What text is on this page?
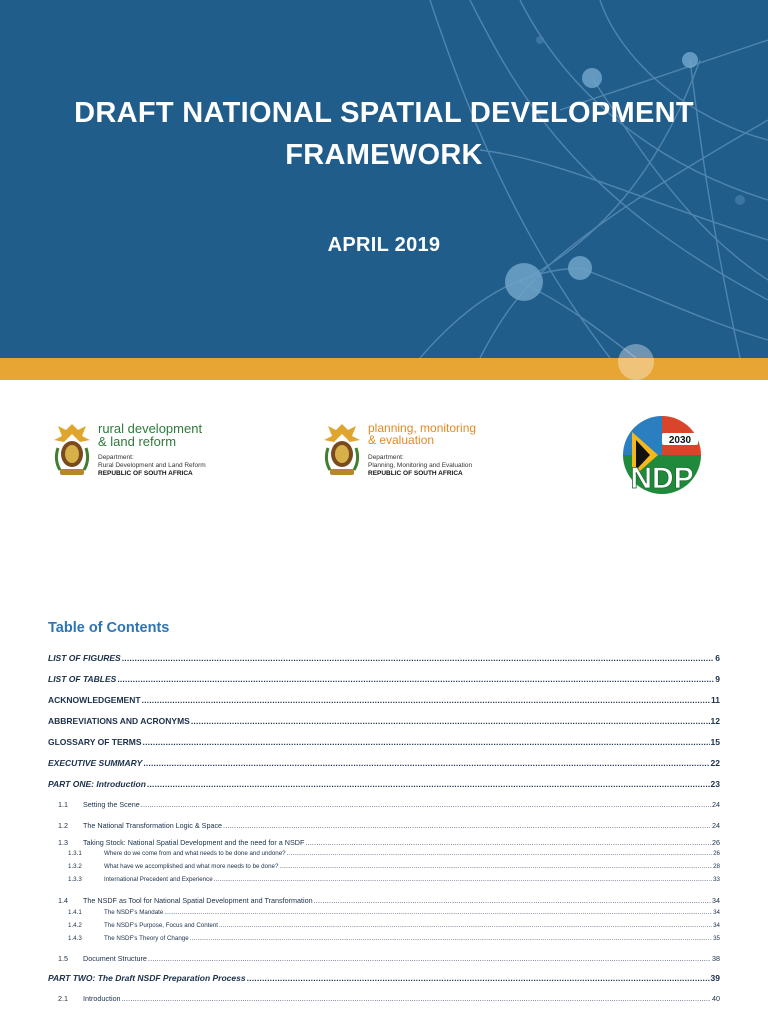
DRAFT NATIONAL SPATIAL DEVELOPMENT
FRAMEWORK
APRIL 2019
rural development
& land reform
Department:
Rural Development and Land Reform
REPUBLIC OF SOUTH AFRICA
planning, monitoring
& evaluation
Department:
Planning, Monitoring and Evaluation
REPUBLIC OF SOUTH AFRICA
2030
NDP
Table of Contents
LIST OF FIGURES .....	6
LIST OF TABLES .....	9
ACKNOWLEDGEMENT .....	11
ABBREVIATIONS AND ACRONYMS .....	12
GLOSSARY OF TERMS .....	15
EXECUTIVE SUMMARY .....	22
PART ONE: Introduction .....	23
1.1	Setting the Scene .....	24
1.2	The National Transformation Logic & Space .....	24
1.3	Taking Stock: National Spatial Development and the need for a NSDF .....	26
1.3.1	Where do we come from and what needs to be done and undone? .....	26
1.3.2	What have we accomplished and what more needs to be done? .....	28
1.3.3	International Precedent and Experience .....	33
1.4	The NSDF as Tool for National Spatial Development and Transformation .....	34
1.4.1	The NSDF's Mandate .....	34
1.4.2	The NSDF's Purpose, Focus and Content .....	34
1.4.3	The NSDF's Theory of Change .....	35
1.5	Document Structure .....	38
PART TWO: The Draft NSDF Preparation Process .....	39
2.1	Introduction .....	40
